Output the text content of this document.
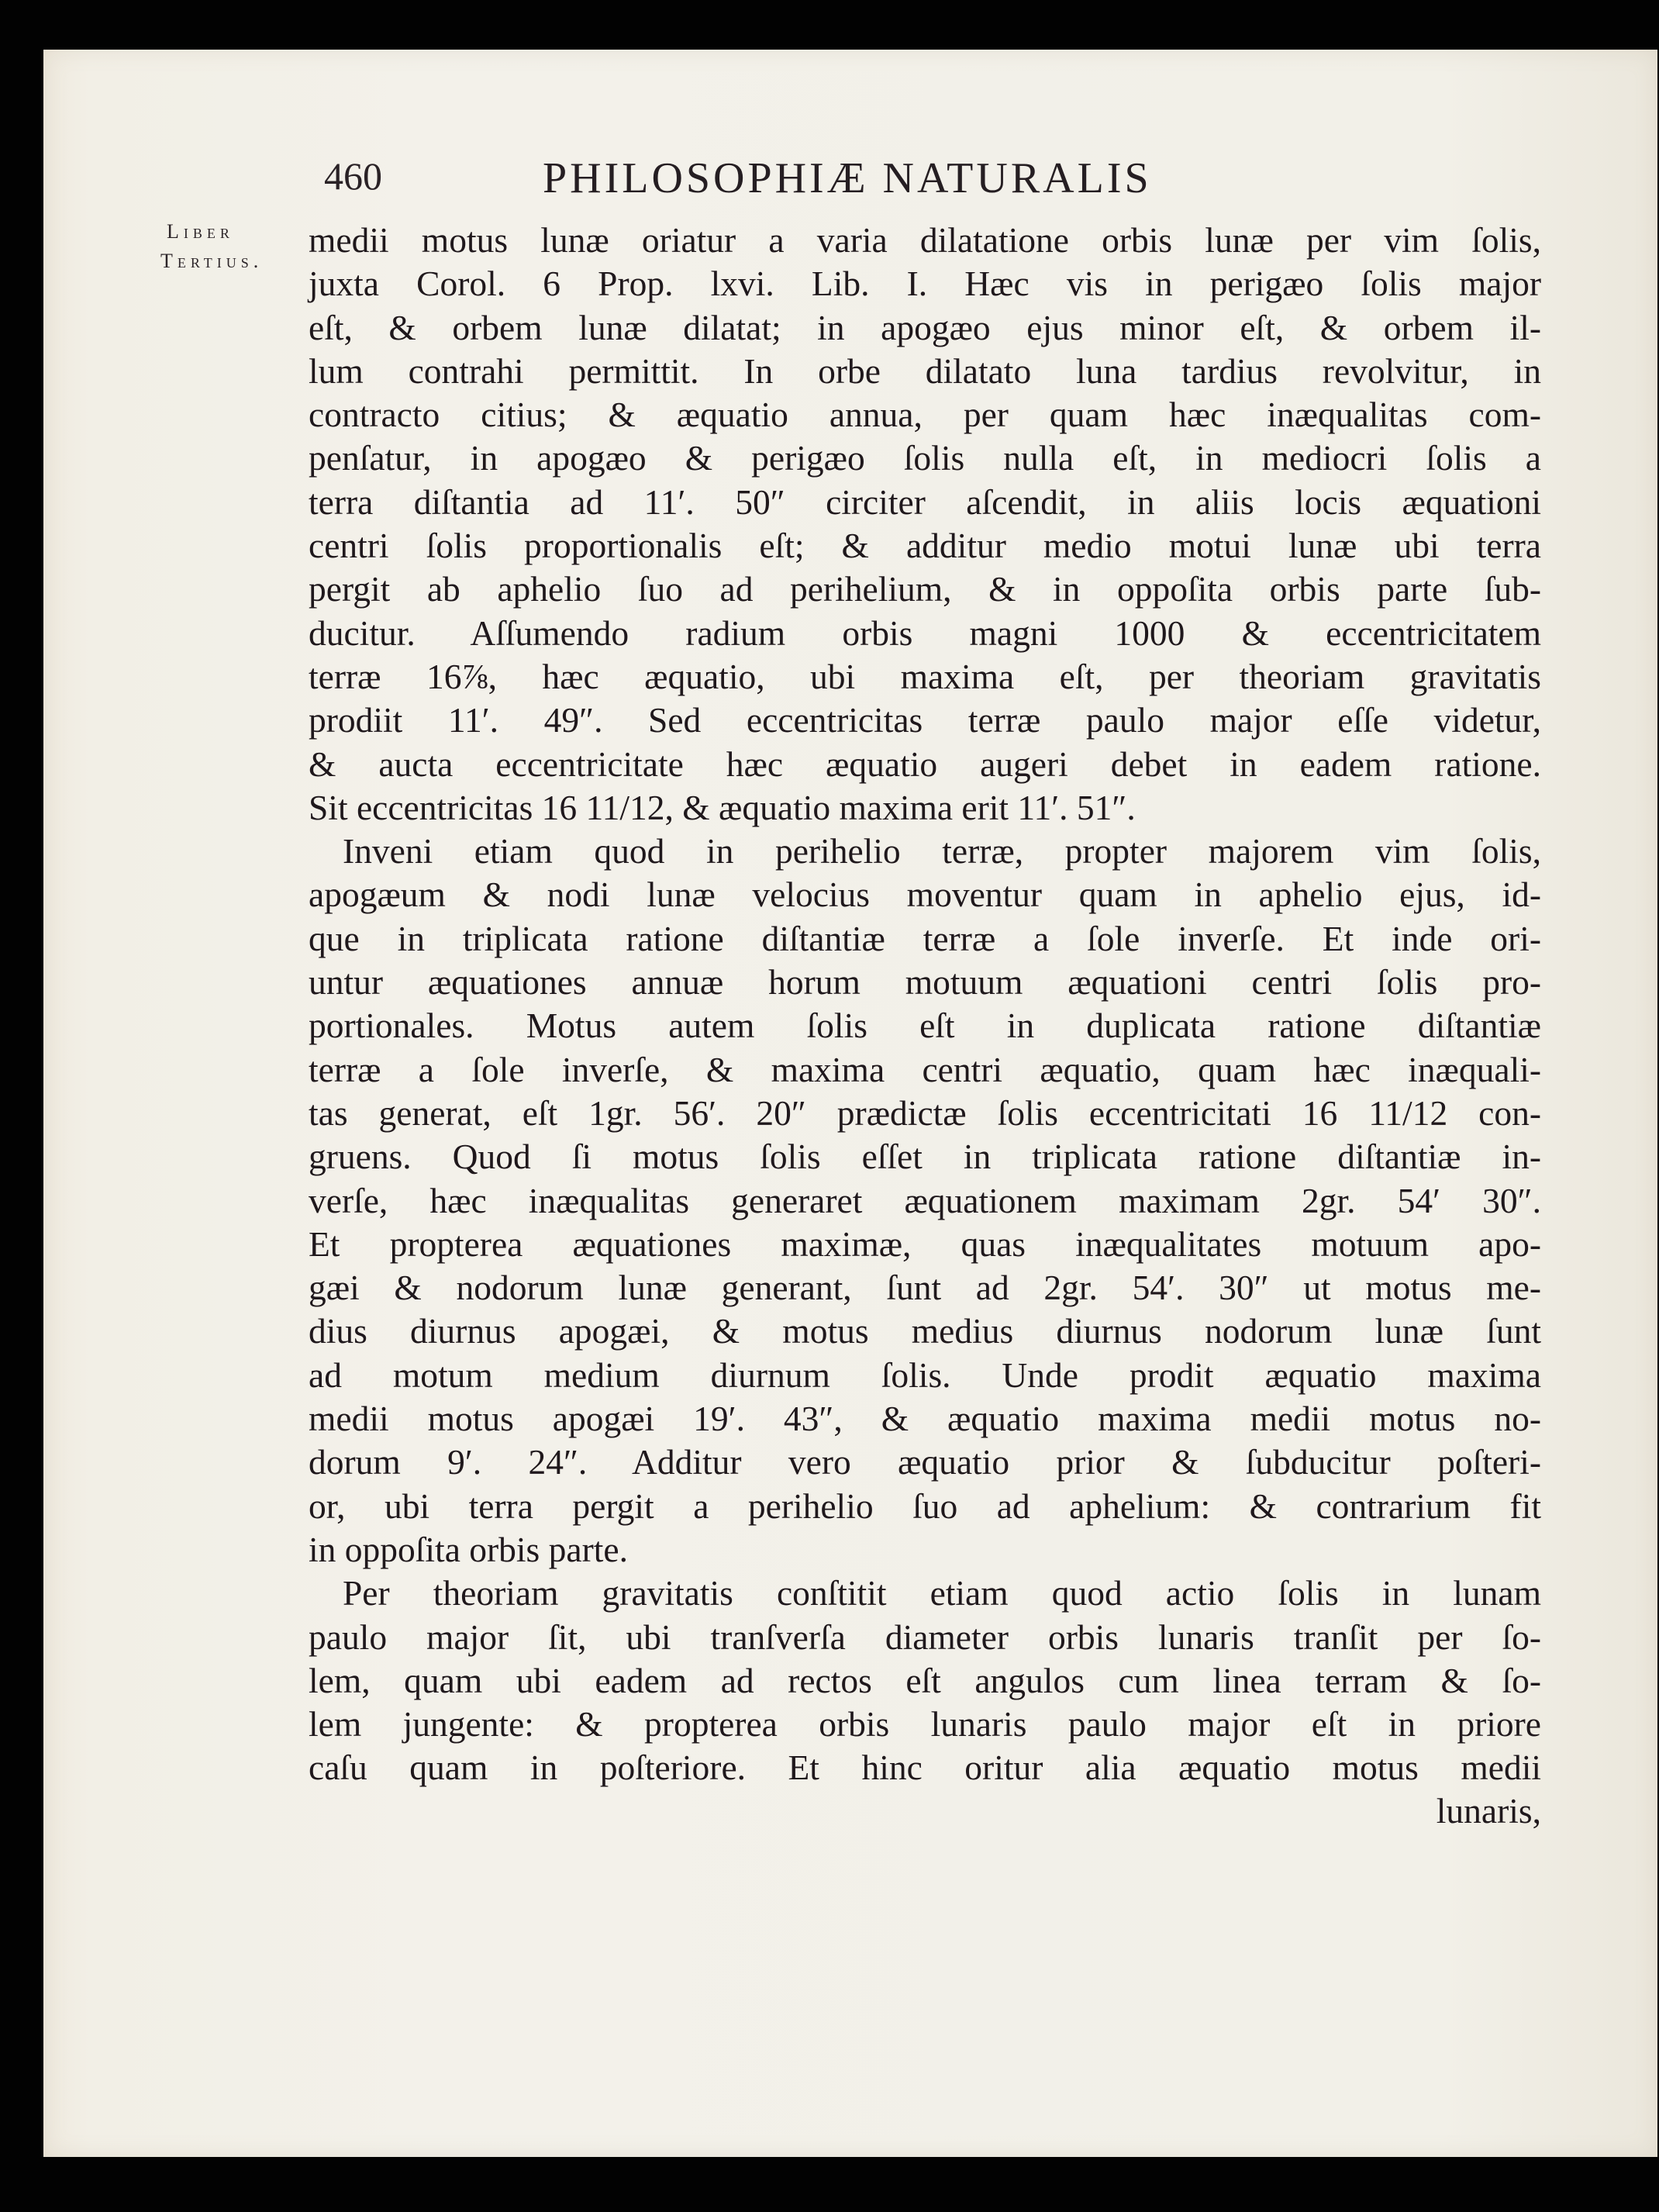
460	PHILOSOPHIÆ NATURALIS
Liber
Tertius.
medii motus lunæ oriatur a varia dilatatione orbis lunæ per vim ſolis,
juxta Corol. 6 Prop. lxvi. Lib. I. Hæc vis in perigæo ſolis major
eſt, & orbem lunæ dilatat; in apogæo ejus minor eſt, & orbem il-
lum contrahi permittit. In orbe dilatato luna tardius revolvitur, in
contracto citius; & æquatio annua, per quam hæc inæqualitas com-
penſatur, in apogæo & perigæo ſolis nulla eſt, in mediocri ſolis a
terra diſtantia ad 11′. 50″ circiter aſcendit, in aliis locis æquationi
centri ſolis proportionalis eſt; & additur medio motui lunæ ubi terra
pergit ab aphelio ſuo ad perihelium, & in oppoſita orbis parte ſub-
ducitur. Aſſumendo radium orbis magni 1000 & eccentricitatem
terræ 16⅞, hæc æquatio, ubi maxima eſt, per theoriam gravitatis
prodiit 11′. 49″. Sed eccentricitas terræ paulo major eſſe videtur,
& aucta eccentricitate hæc æquatio augeri debet in eadem ratione.
Sit eccentricitas 16 11/12, & æquatio maxima erit 11′. 51″.
Inveni etiam quod in perihelio terræ, propter majorem vim ſolis,
apogæum & nodi lunæ velocius moventur quam in aphelio ejus, id-
que in triplicata ratione diſtantiæ terræ a ſole inverſe. Et inde ori-
untur æquationes annuæ horum motuum æquationi centri ſolis pro-
portionales. Motus autem ſolis eſt in duplicata ratione diſtantiæ
terræ a ſole inverſe, & maxima centri æquatio, quam hæc inæquali-
tas generat, eſt 1gr. 56′. 20″ prædictæ ſolis eccentricitati 16 11/12 con-
gruens. Quod ſi motus ſolis eſſet in triplicata ratione diſtantiæ in-
verſe, hæc inæqualitas generaret æquationem maximam 2gr. 54′ 30″.
Et propterea æquationes maximæ, quas inæqualitates motuum apo-
gæi & nodorum lunæ generant, ſunt ad 2gr. 54′. 30″ ut motus me-
dius diurnus apogæi, & motus medius diurnus nodorum lunæ ſunt
ad motum medium diurnum ſolis. Unde prodit æquatio maxima
medii motus apogæi 19′. 43″, & æquatio maxima medii motus no-
dorum 9′. 24″. Additur vero æquatio prior & ſubducitur poſteri-
or, ubi terra pergit a perihelio ſuo ad aphelium: & contrarium fit
in oppoſita orbis parte.
Per theoriam gravitatis conſtitit etiam quod actio ſolis in lunam
paulo major ſit, ubi tranſverſa diameter orbis lunaris tranſit per ſo-
lem, quam ubi eadem ad rectos eſt angulos cum linea terram & ſo-
lem jungente: & propterea orbis lunaris paulo major eſt in priore
caſu quam in poſteriore. Et hinc oritur alia æquatio motus medii
lunaris,
